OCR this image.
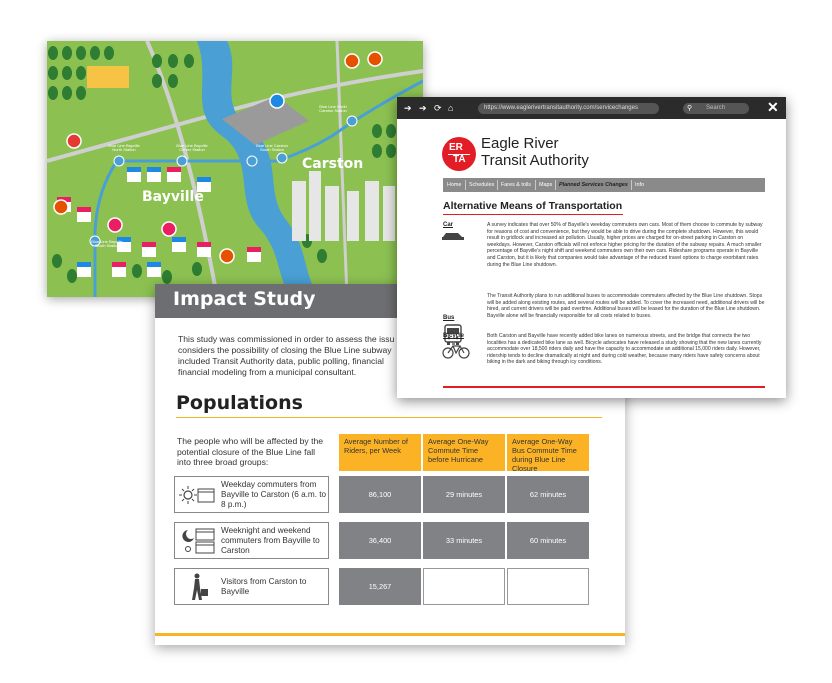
Bayville
Carston
Blue Line North
Carston Station
Blue Line Bayville
North Station
Blue Line Bayville
Center Station
Blue Line Carston
South Station
Blue Line Bayville
South Station
Impact Study
This study was commissioned in order to assess the issu
considers the possibility of closing the Blue Line subway
included Transit Authority data, public polling, financial
financial modeling from a municipal consultant.
Populations
The people who will be affected by the potential closure of the Blue Line fall into three broad groups:
Average Number of Riders, per Week
Average One-Way Commute Time before Hurricane
Average One-Way Bus Commute Time during Blue Line Closure
Weekday commuters from Bayville to Carston (6 a.m. to 8 p.m.)
86,100	29 minutes	62 minutes
Weeknight and weekend commuters from Bayville to Carston
36,400	33 minutes	60 minutes
Visitors from Carston to Bayville	15,267
➔ ➔ ⟳ ⌂	https://www.eaglerivertransitauthority.com/servicechanges	⚲ Search	✕
ER
TA
Eagle River
Transit Authority
Home	Schedules	Fares & tolls	Maps	Planned Services Changes	Info
Alternative Means of Transportation
Car	A survey indicates that over 50% of Bayville's weekday commuters own cars. Most of them choose to commute by subway for reasons of cost and convenience, but they would be able to drive during the complete shutdown. However, this would result in gridlock and increased air pollution. Usually, higher prices are charged for on-street parking in Carston on weekdays. However, Carston officials will not enforce higher pricing for the duration of the subway repairs. A much smaller percentage of Bayville's night shift and weekend commuters own their own cars. Rideshare programs operate in Bayville and Carston, but it is likely that companies would take advantage of the reduced travel options to charge exorbitant rates during the Blue Line shutdown.
Bus
The Transit Authority plans to run additional buses to accommodate commuters affected by the Blue Line shutdown. Stops will be added along existing routes, and several routes will be added. To cover the increased need, additional drivers will be hired, and current drivers will be paid overtime. Additional buses will be leased for the duration of the Blue Line shutdown. Bayville alone will be financially responsible for all costs related to buses.
Bicycle	Both Carston and Bayville have recently added bike lanes on numerous streets, and the bridge that connects the two localities has a dedicated bike lane as well. Bicycle advocates have released a study showing that the new lanes currently accommodate over 18,500 riders daily and have the capacity to accommodate an additional 15,000 riders daily. However, ridership tends to decline dramatically at night and during cold weather, because many riders have safety concerns about biking in the dark and biking through icy conditions.
